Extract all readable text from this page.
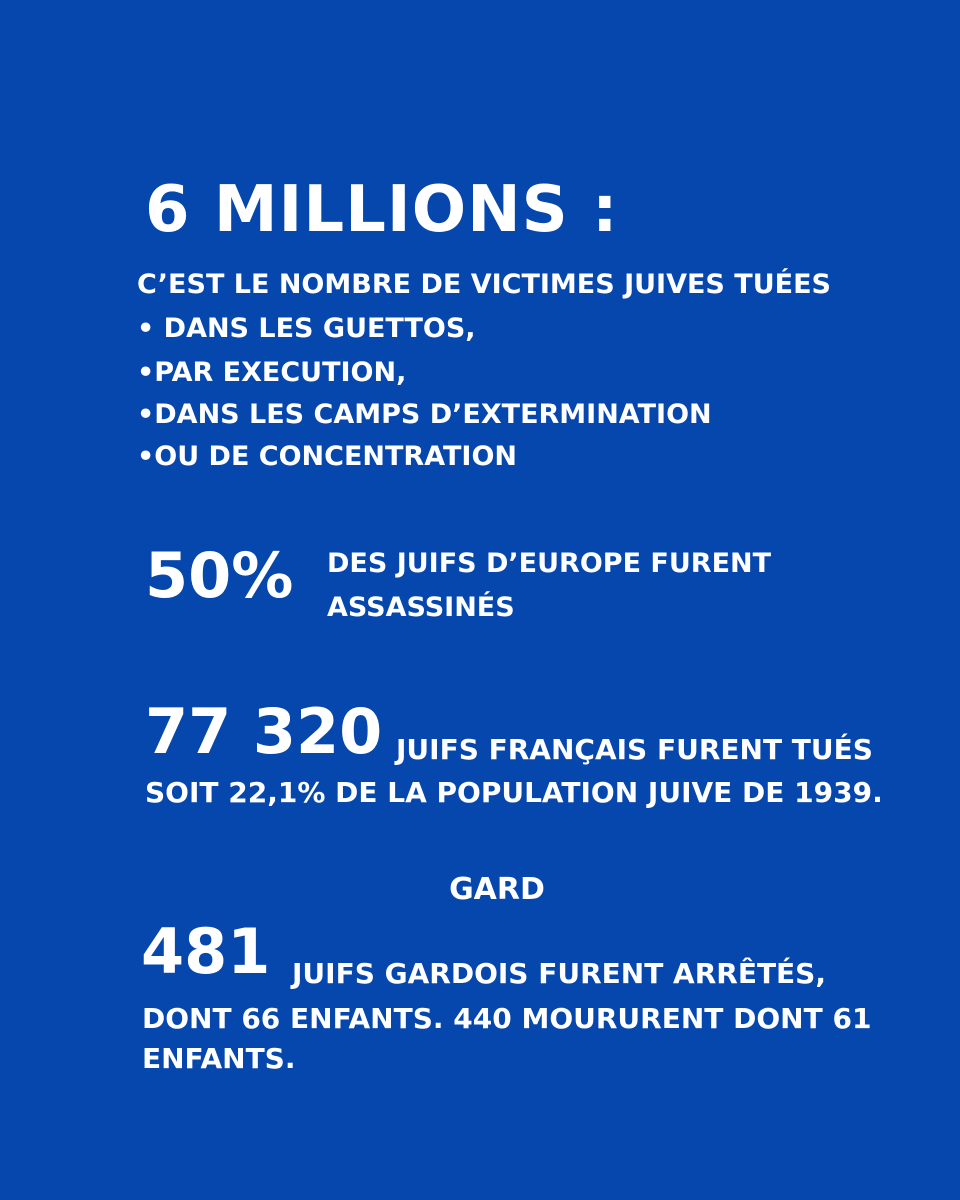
6 MILLIONS :
C’EST LE NOMBRE DE VICTIMES JUIVES TUÉES
• DANS LES GUETTOS,
•PAR EXECUTION,
•DANS LES CAMPS D’EXTERMINATION
•OU DE CONCENTRATION
50% DES JUIFS D’EUROPE FURENT ASSASSINÉS
77 320 JUIFS FRANÇAIS FURENT TUÉS
SOIT 22,1% DE LA POPULATION JUIVE DE 1939.
GARD
481 JUIFS GARDOIS FURENT ARRÊTÉS,
DONT 66 ENFANTS. 440 MOURURENT DONT 61
ENFANTS.
